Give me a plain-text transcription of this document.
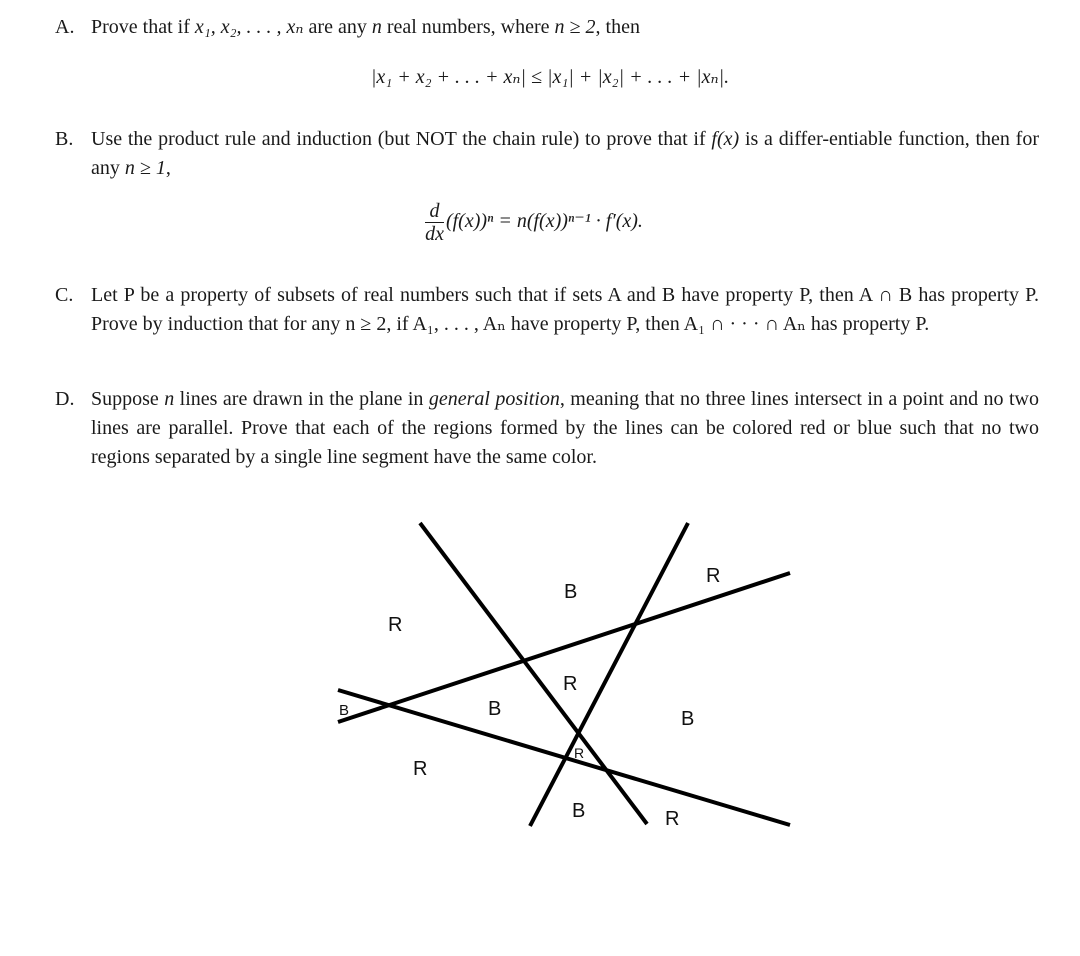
A. Prove that if x₁, x₂, . . . , xₙ are any n real numbers, where n ≥ 2, then
|x₁ + x₂ + . . . + xₙ| ≤ |x₁| + |x₂| + . . . + |xₙ|.
B. Use the product rule and induction (but NOT the chain rule) to prove that if f(x) is a differ-entiable function, then for any n ≥ 1,
$\frac{d}{dx} (f(x))^n = n(f(x))^{n-1} \cdot f'(x)$.
C. Let P be a property of subsets of real numbers such that if sets A and B have property P, then A ∩ B has property P. Prove by induction that for any n ≥ 2, if A₁, . . . , Aₙ have property P, then A₁ ∩ · · · ∩ Aₙ has property P.
D. Suppose n lines are drawn in the plane in general position, meaning that no three lines intersect in a point and no two lines are parallel. Prove that each of the regions formed by the lines can be colored red or blue such that no two regions separated by a single line segment have the same color.
R
B
R
R
B	B
R
B
R
B	R
